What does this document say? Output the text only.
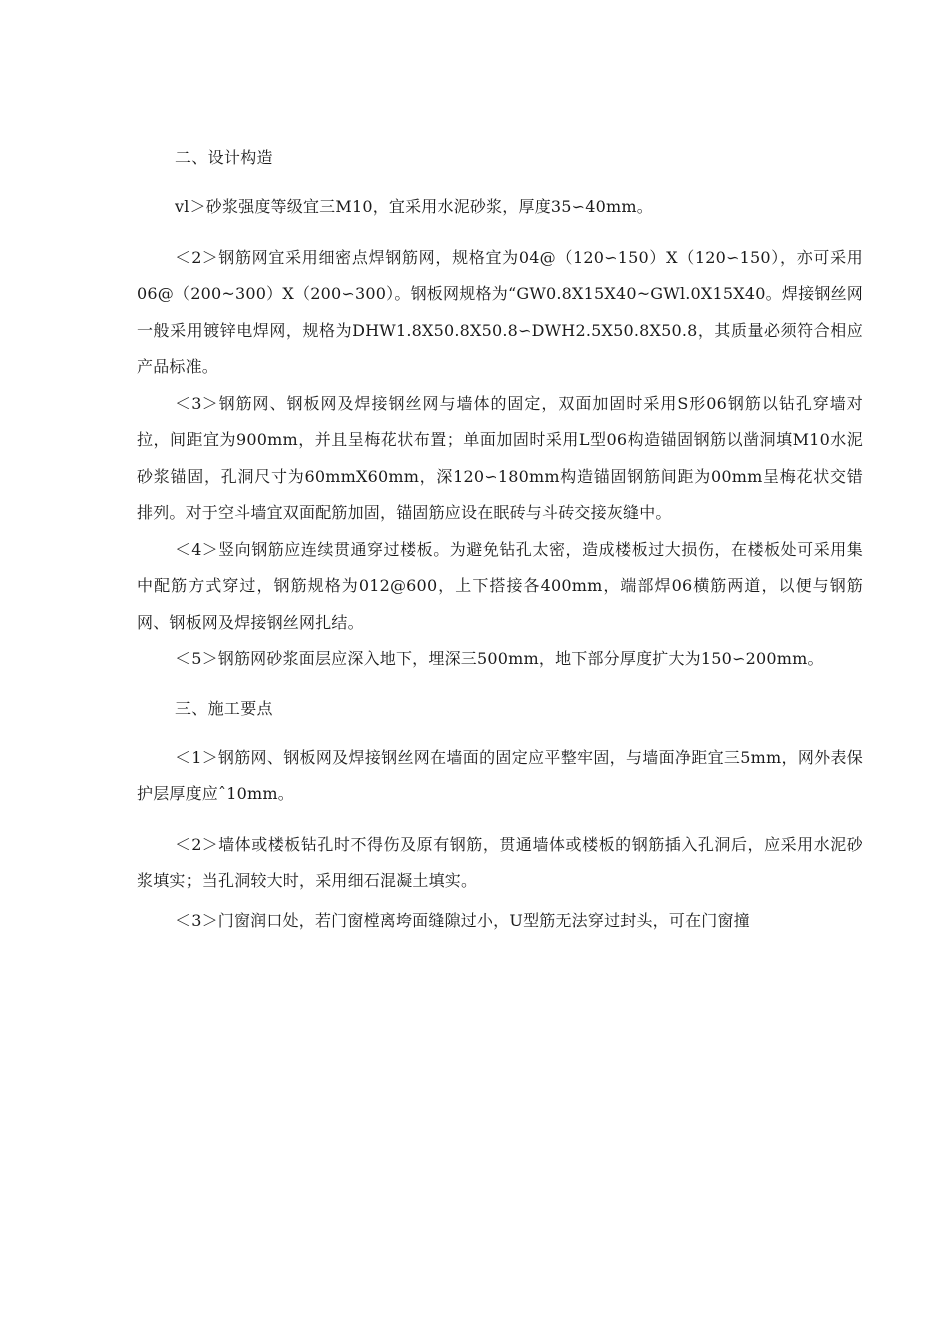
二、设计构造

vl＞砂浆强度等级宜三M10，宜采用水泥砂浆，厚度35∽40mm。

＜2＞钢筋网宜采用细密点焊钢筋网，规格宜为04@（120∽150）X（120∽150），亦可采用06@（200~300）X（200∽300）。钢板网规格为“GW0.8X15X40~GWl.0X15X40。焊接钢丝网一般采用镀锌电焊网，规格为DHW1.8X50.8X50.8∽DWH2.5X50.8X50.8，其质量必须符合相应产品标准。

＜3＞钢筋网、钢板网及焊接钢丝网与墙体的固定，双面加固时采用S形06钢筋以钻孔穿墙对拉，间距宜为900mm，并且呈梅花状布置；单面加固时采用L型06构造锚固钢筋以凿洞填M10水泥砂浆锚固，孔洞尺寸为60mmX60mm，深120∽180mm构造锚固钢筋间距为00mm呈梅花状交错排列。对于空斗墙宜双面配筋加固，锚固筋应设在眠砖与斗砖交接灰缝中。

＜4＞竖向钢筋应连续贯通穿过楼板。为避免钻孔太密，造成楼板过大损伤，在楼板处可采用集中配筋方式穿过，钢筋规格为012@600，上下搭接各400mm，端部焊06横筋两道，以便与钢筋网、钢板网及焊接钢丝网扎结。

＜5＞钢筋网砂浆面层应深入地下，埋深三500mm，地下部分厚度扩大为150∽200mm。

三、施工要点

＜1＞钢筋网、钢板网及焊接钢丝网在墙面的固定应平整牢固，与墙面净距宜三5mm，网外表保护层厚度应ˆ10mm。

＜2＞墙体或楼板钻孔时不得伤及原有钢筋，贯通墙体或楼板的钢筋插入孔洞后，应采用水泥砂浆填实；当孔洞较大时，采用细石混凝土填实。

＜3＞门窗润口处，若门窗樘离垮面缝隙过小，U型筋无法穿过封头，可在门窗撞
